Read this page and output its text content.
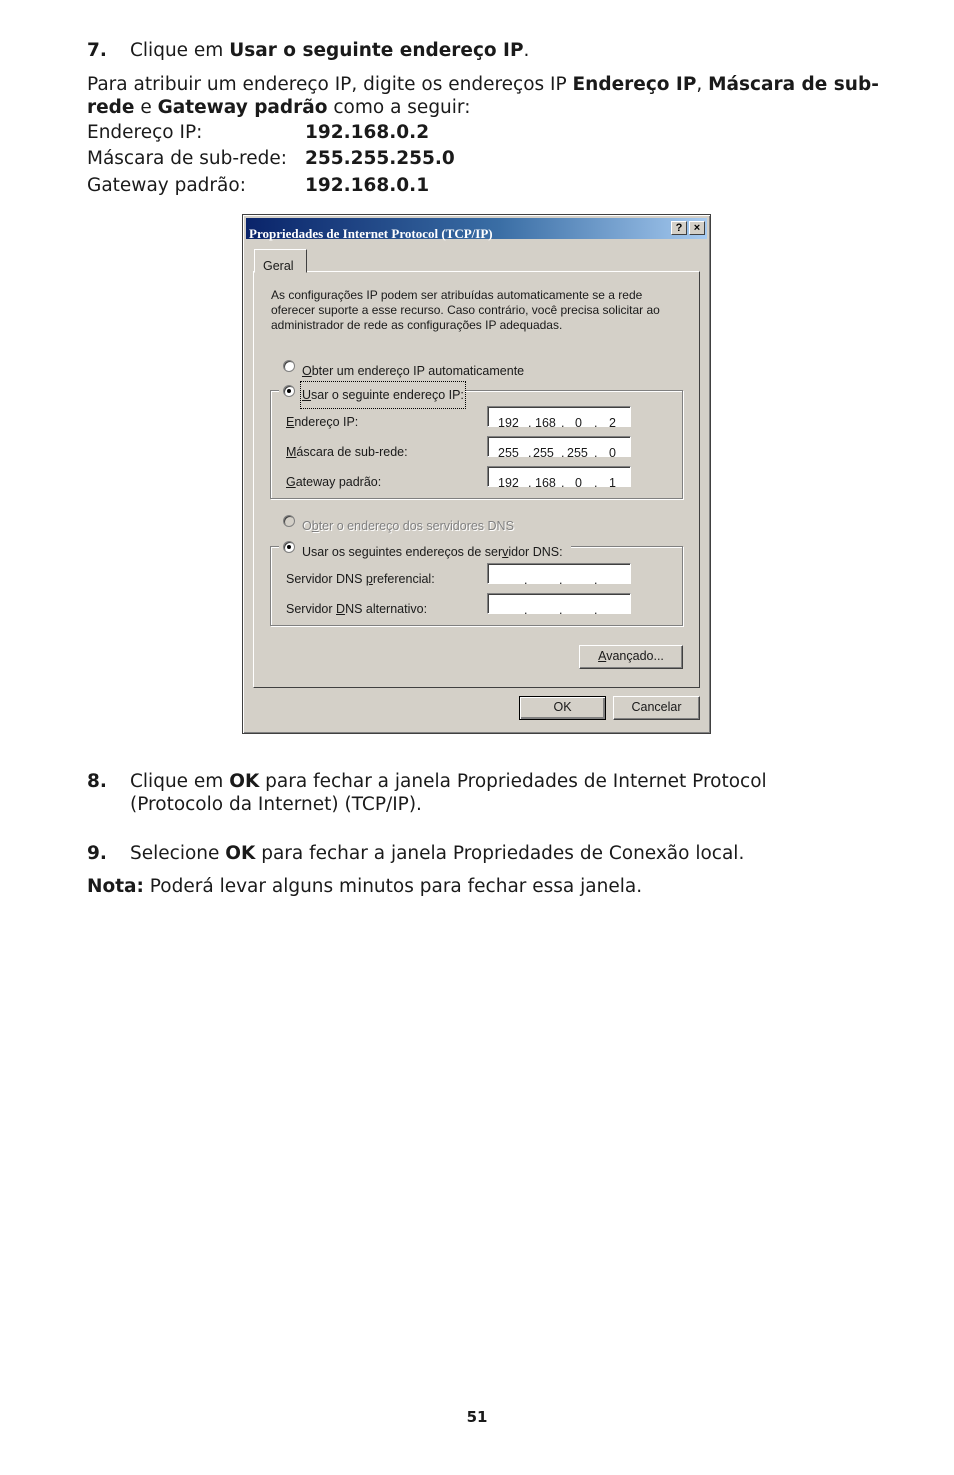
7. Clique em Usar o seguinte endereço IP.
Para atribuir um endereço IP, digite os endereços IP Endereço IP, Máscara de sub-
rede e Gateway padrão como a seguir:
Endereço IP:	192.168.0.2
Máscara de sub-rede: 255.255.255.0
Gateway padrão:	192.168.0.1
Propriedades de Internet Protocol (TCP/IP)	?	×
Geral
As configurações IP podem ser atribuídas automaticamente se a rede
oferecer suporte a esse recurso. Caso contrário, você precisa solicitar ao
administrador de rede as configurações IP adequadas.
Obter um endereço IP automaticamente
Usar o seguinte endereço IP:
Endereço IP:	192 . 168 . 0 . 2
Máscara de sub-rede:	255 . 255 . 255 . 0
Gateway padrão:	192 . 168 . 0 . 1
Obter o endereço dos servidores DNS
Usar os seguintes endereços de servidor DNS:
Servidor DNS preferencial:	.	.	.
Servidor DNS alternativo:	.	.	.
Avançado...
OK	Cancelar
8. Clique em OK para fechar a janela Propriedades de Internet Protocol
(Protocolo da Internet) (TCP/IP).
9. Selecione OK para fechar a janela Propriedades de Conexão local.
Nota: Poderá levar alguns minutos para fechar essa janela.
51
